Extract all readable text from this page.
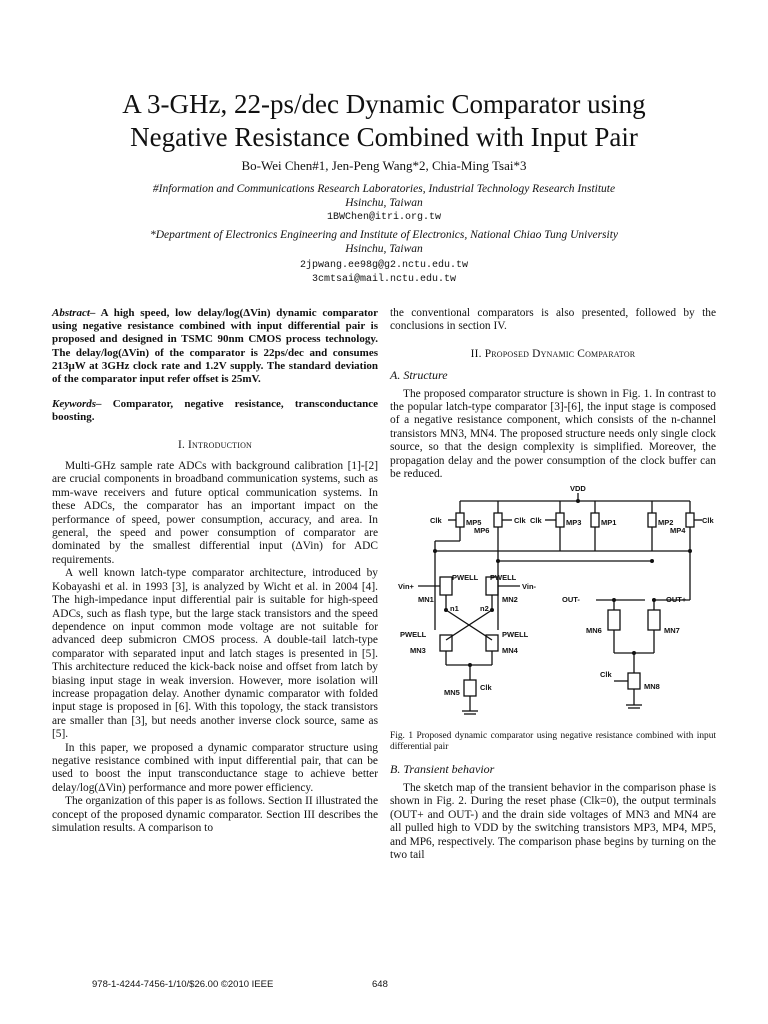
A 3-GHz, 22-ps/dec Dynamic Comparator using
Negative Resistance Combined with Input Pair
Bo-Wei Chen#1, Jen-Peng Wang*2, Chia-Ming Tsai*3
#Information and Communications Research Laboratories, Industrial Technology Research Institute
Hsinchu, Taiwan
1BWChen@itri.org.tw
*Department of Electronics Engineering and Institute of Electronics, National Chiao Tung University
Hsinchu, Taiwan
2jpwang.ee98g@g2.nctu.edu.tw
3cmtsai@mail.nctu.edu.tw

Abstract– A high speed, low delay/log(ΔVin) dynamic comparator using negative resistance combined with input differential pair is proposed and designed in TSMC 90nm CMOS process technology. The delay/log(ΔVin) of the comparator is 22ps/dec and consumes 213μW at 3GHz clock rate and 1.2V supply. The standard deviation of the comparator input refer offset is 25mV.

Keywords– Comparator, negative resistance, transconductance boosting.

I. Introduction

Multi-GHz sample rate ADCs with background calibration [1]-[2] are crucial components in broadband communication systems, such as mm-wave receivers and future optical communication systems. In these ADCs, the comparator has an important impact on the performance of speed, power consumption, accuracy, and area. In general, the speed and power consumption of comparator are dominated by the smallest differential input (ΔVin) for ADC requirements.

A well known latch-type comparator architecture, introduced by Kobayashi et al. in 1993 [3], is analyzed by Wicht et al. in 2004 [4]. The high-impedance input differential pair is suitable for high-speed ADCs, such as flash type, but the large stack transistors and the speed dependence on input common mode voltage are not suitable for advanced deep submicron CMOS process. A double-tail latch-type comparator with separated input and latch stages is presented in [5]. This architecture reduced the kick-back noise and offset from latch by biasing input stage in weak inversion. However, more isolation will increase propagation delay. Another dynamic comparator with folded input stage is proposed in [6]. With this topology, the stack transistors are smaller than [3], but needs another inverse clock source, same as [5].

In this paper, we proposed a dynamic comparator structure using negative resistance combined with input differential pair, that can be used to boost the input transconductance stage to achieve better delay/log(ΔVin) performance and more power efficiency.

The organization of this paper is as follows. Section II illustrated the concept of the proposed dynamic comparator. Section III describes the simulation results. A comparison to

the conventional comparators is also presented, followed by the conclusions in section IV.

II. Proposed Dynamic Comparator
A. Structure

The proposed comparator structure is shown in Fig. 1. In contrast to the popular latch-type comparator [3]-[6], the input stage is composed of a negative resistance component, which consists of the n-channel transistors MN3, MN4. The proposed structure needs only single clock source, so that the design complexity is simplified. Moreover, the propagation delay and the power consumption of the clock buffer can be reduced.

VDD
Clk	MP5
MP6
Clk Clk	MP3	MP1	MP2
MP4
Clk
Vin+
PWELL PWELL
Vin-
MN1	MN2
n1	n2
PWELL	PWELL
MN3	MN4
MN5
Clk
OUT-	OUT+
MN6	MN7
Clk
MN8
Fig. 1 Proposed dynamic comparator using negative resistance combined with input differential pair
B. Transient behavior

The sketch map of the transient behavior in the comparison phase is shown in Fig. 2. During the reset phase (Clk=0), the output terminals (OUT+ and OUT-) and the drain side voltages of MN3 and MN4 are all pulled high to VDD by the switching transistors MP3, MP4, MP5, and MP6, respectively. The comparison phase begins by turning on the two tail

978-1-4244-7456-1/10/$26.00 ©2010 IEEE	648
